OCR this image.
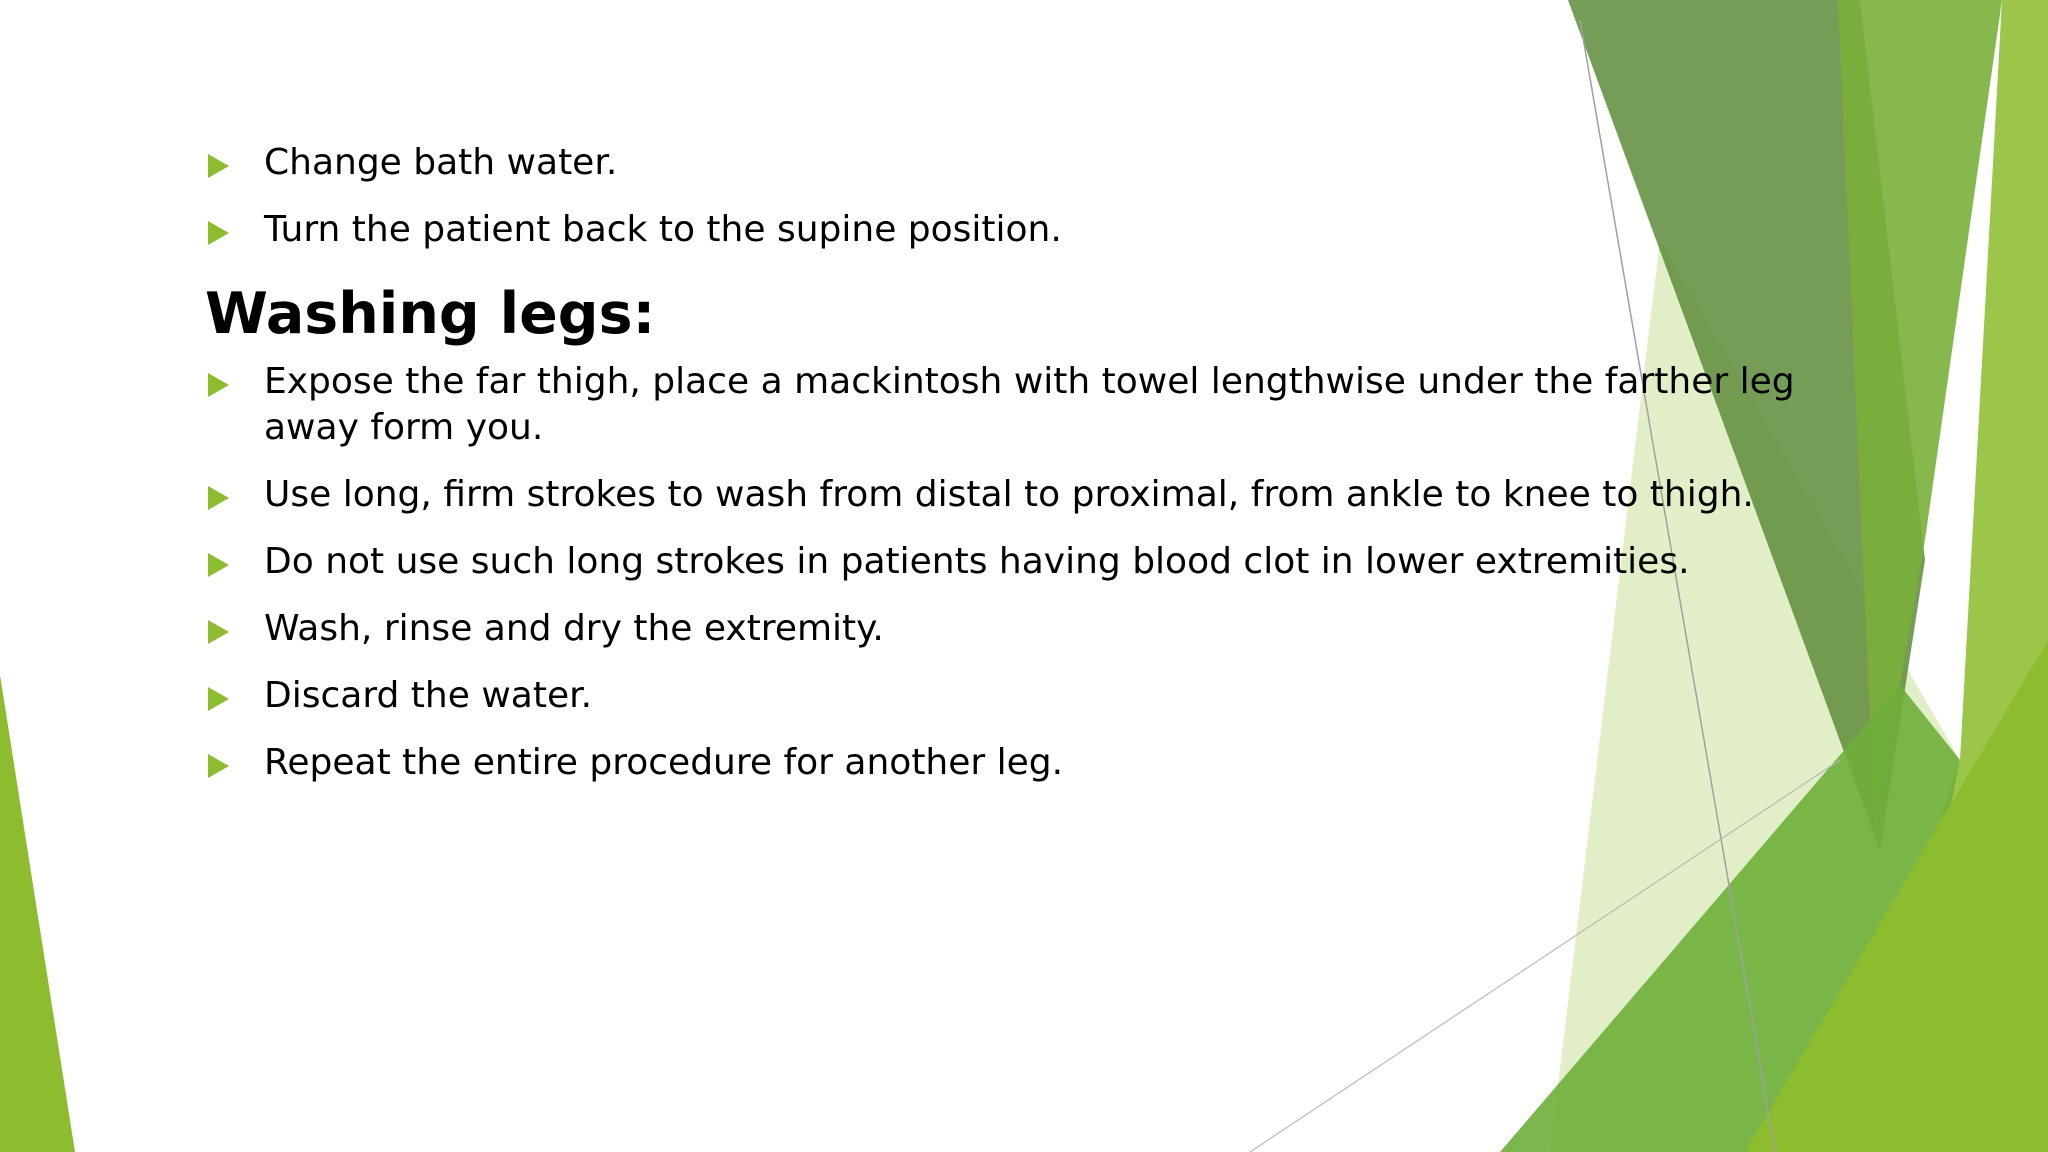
Change bath water.
Turn the patient back to the supine position.
Washing legs:
Expose the far thigh, place a mackintosh with towel lengthwise under the farther leg away form you.
Use long, firm strokes to wash from distal to proximal, from ankle to knee to thigh.
Do not use such long strokes in patients having blood clot in lower extremities.
Wash, rinse and dry the extremity.
Discard the water.
Repeat the entire procedure for another leg.
